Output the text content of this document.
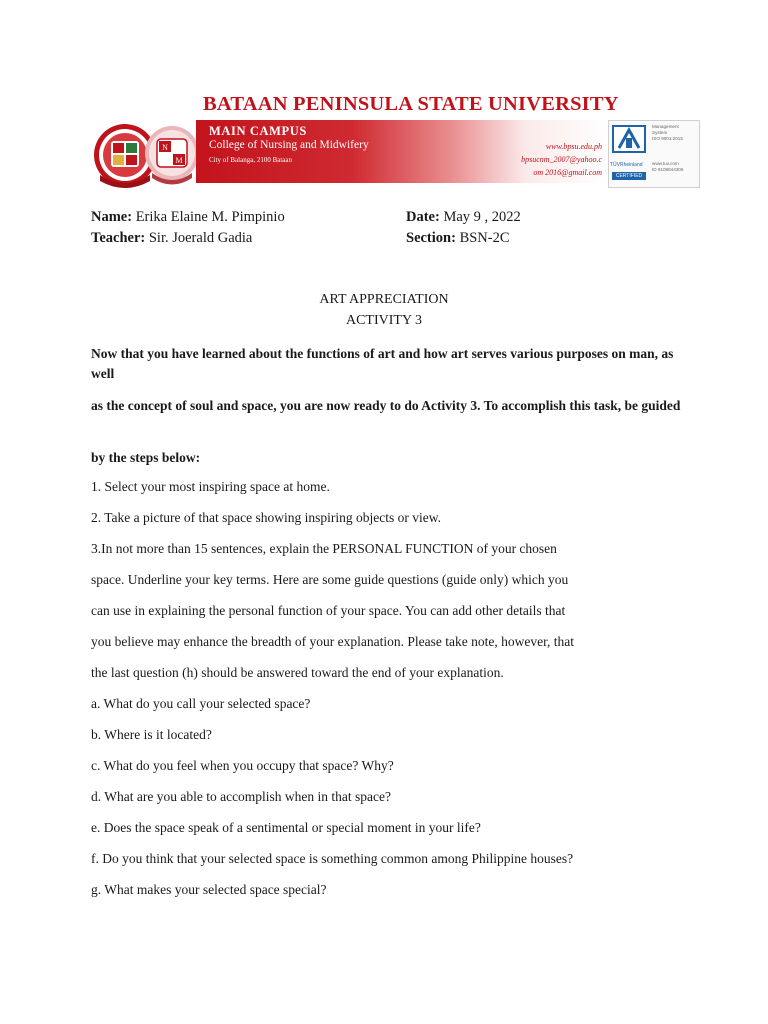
N
M
BATAAN PENINSULA STATE UNIVERSITY
MAIN CAMPUS
College of Nursing and Midwifery
City of Balanga, 2100 Bataan
www.bpsu.edu.ph
bpsucnm_2007@yahoo.c
om 2016@gmail.com
TÜVRheinland
CERTIFIED
Management
System
ISO 9001:2015
www.tuv.com
ID 9108644306
Name: Erika Elaine M. Pimpinio
Teacher: Sir. Joerald Gadia
Date: May 9 , 2022
Section: BSN-2C
ART APPRECIATION
ACTIVITY 3
Now that you have learned about the functions of art and how art serves various purposes on man, as well
as the concept of soul and space, you are now ready to do Activity 3. To accomplish this task, be guided
by the steps below:
1. Select your most inspiring space at home.
2. Take a picture of that space showing inspiring objects or view.
3.In not more than 15 sentences, explain the PERSONAL FUNCTION of your chosen
space. Underline your key terms. Here are some guide questions (guide only) which you
can use in explaining the personal function of your space. You can add other details that
you believe may enhance the breadth of your explanation. Please take note, however, that
the last question (h) should be answered toward the end of your explanation.
a. What do you call your selected space?
b. Where is it located?
c. What do you feel when you occupy that space? Why?
d. What are you able to accomplish when in that space?
e. Does the space speak of a sentimental or special moment in your life?
f. Do you think that your selected space is something common among Philippine houses?
g. What makes your selected space special?
